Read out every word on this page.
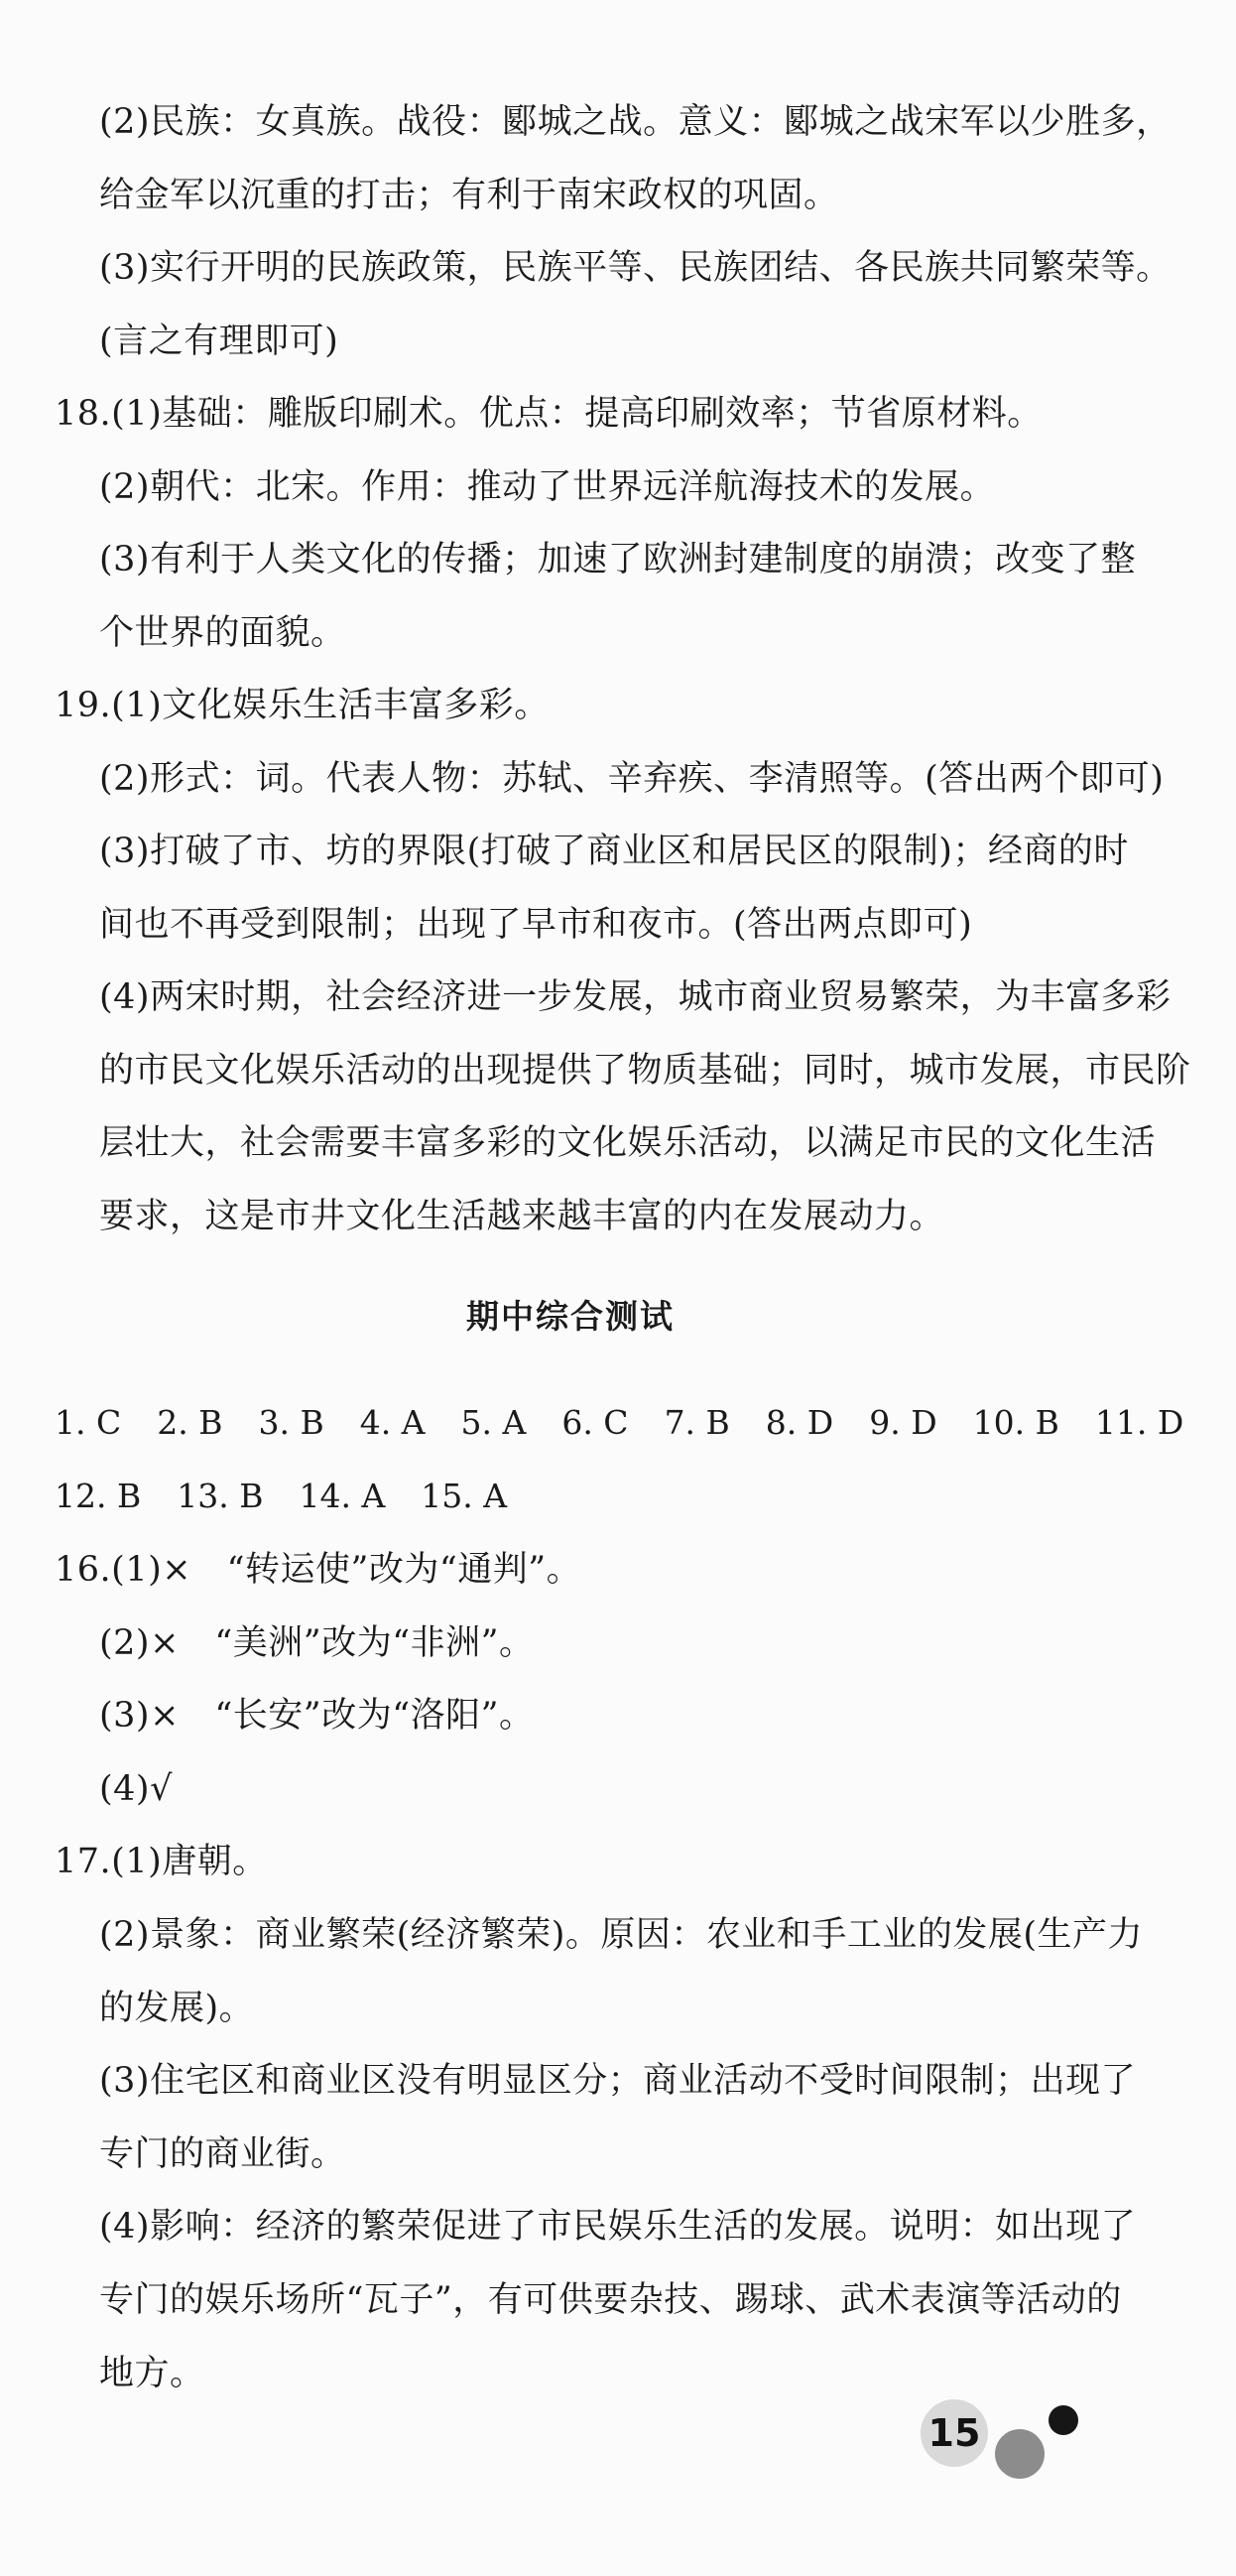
(2)民族：女真族。战役：郾城之战。意义：郾城之战宋军以少胜多，
给金军以沉重的打击；有利于南宋政权的巩固。
(3)实行开明的民族政策，民族平等、民族团结、各民族共同繁荣等。
(言之有理即可)
18.(1)基础：雕版印刷术。优点：提高印刷效率；节省原材料。
(2)朝代：北宋。作用：推动了世界远洋航海技术的发展。
(3)有利于人类文化的传播；加速了欧洲封建制度的崩溃；改变了整
个世界的面貌。
19.(1)文化娱乐生活丰富多彩。
(2)形式：词。代表人物：苏轼、辛弃疾、李清照等。(答出两个即可)
(3)打破了市、坊的界限(打破了商业区和居民区的限制)；经商的时
间也不再受到限制；出现了早市和夜市。(答出两点即可)
(4)两宋时期，社会经济进一步发展，城市商业贸易繁荣，为丰富多彩
的市民文化娱乐活动的出现提供了物质基础；同时，城市发展，市民阶
层壮大，社会需要丰富多彩的文化娱乐活动，以满足市民的文化生活
要求，这是市井文化生活越来越丰富的内在发展动力。
期中综合测试
1. C 2. B 3. B 4. A 5. A 6. C 7. B 8. D 9. D 10. B 11. D
12. B 13. B 14. A 15. A
16.(1)×　“转运使”改为“通判”。
(2)×　“美洲”改为“非洲”。
(3)×　“长安”改为“洛阳”。
(4)√
17.(1)唐朝。
(2)景象：商业繁荣(经济繁荣)。原因：农业和手工业的发展(生产力
的发展)。
(3)住宅区和商业区没有明显区分；商业活动不受时间限制；出现了
专门的商业街。
(4)影响：经济的繁荣促进了市民娱乐生活的发展。说明：如出现了
专门的娱乐场所“瓦子”，有可供要杂技、踢球、武术表演等活动的
地方。
15
